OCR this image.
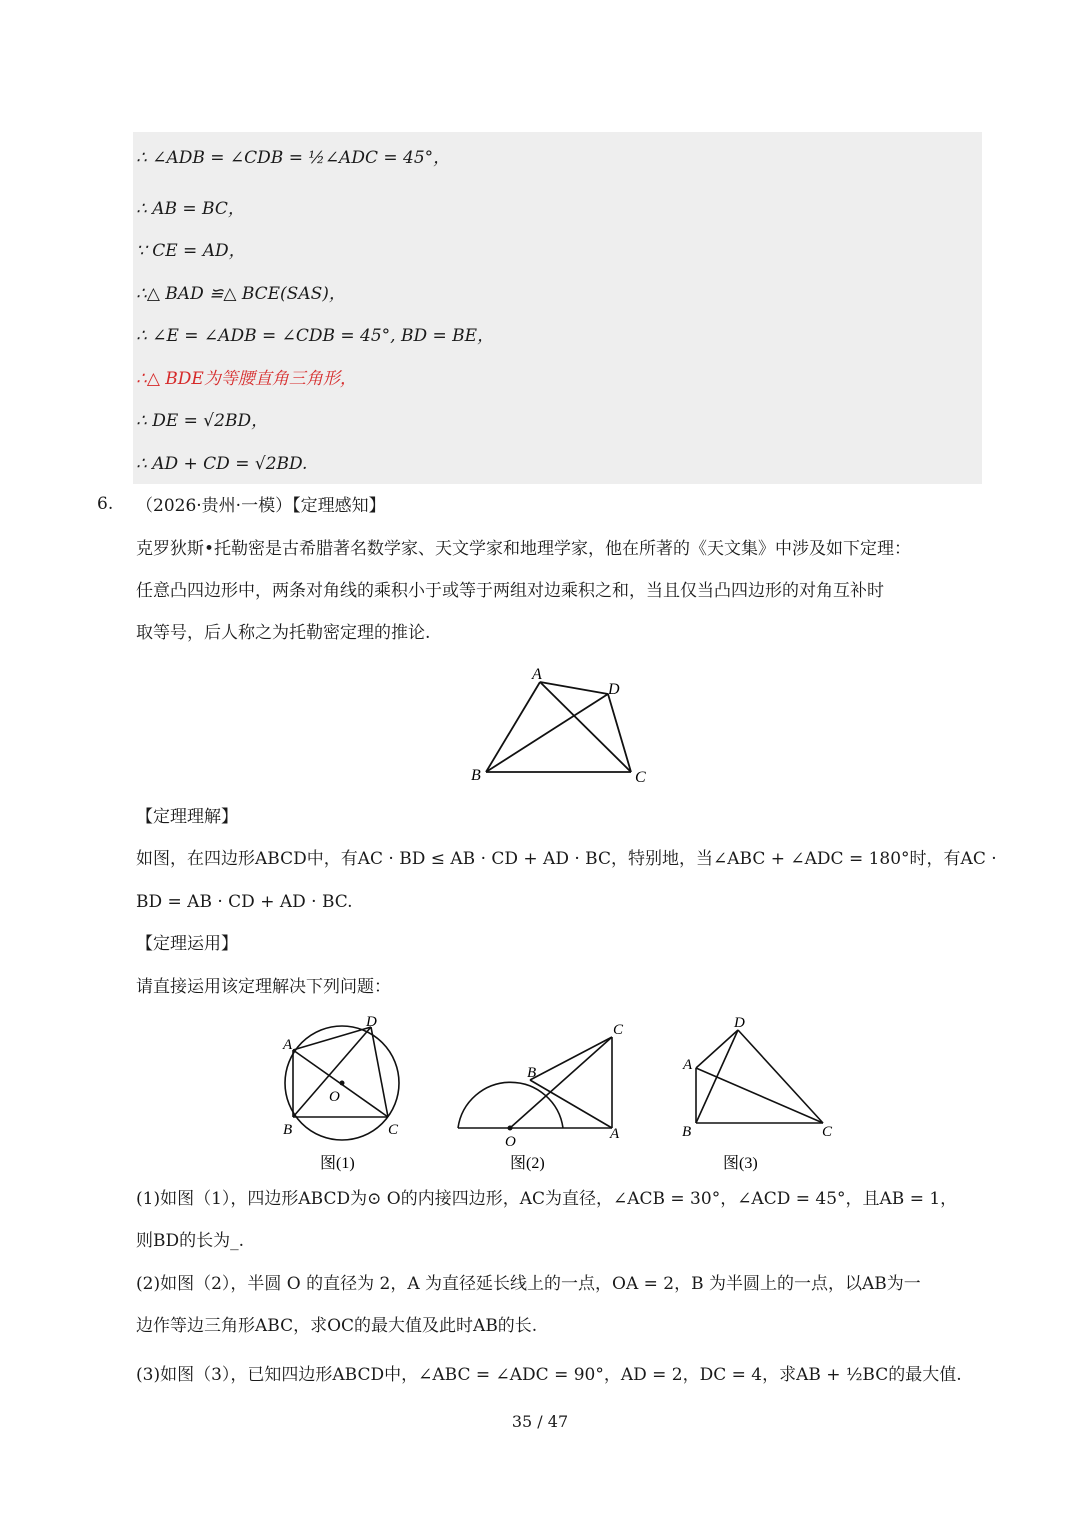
∴ ∠ADB = ∠CDB = ½∠ADC = 45°，
∴ AB = BC，
∵ CE = AD，
∴△ BAD ≌△ BCE(SAS)，
∴ ∠E = ∠ADB = ∠CDB = 45°, BD = BE，
∴△ BDE为等腰直角三角形，
∴ DE = √2BD，
∴ AD + CD = √2BD.
6. （2026·贵州·一模）【定理感知】
克罗狄斯•托勒密是古希腊著名数学家、天文学家和地理学家，他在所著的《天文集》中涉及如下定理：
任意凸四边形中，两条对角线的乘积小于或等于两组对边乘积之和，当且仅当凸四边形的对角互补时
取等号，后人称之为托勒密定理的推论.
A
D
B	C
【定理理解】
如图，在四边形ABCD中，有AC · BD ≤ AB · CD + AD · BC，特别地，当∠ABC + ∠ADC = 180°时，有AC ·
BD = AB · CD + AD · BC.
【定理运用】
请直接运用该定理解决下列问题：
A
D
O
B	C
图(1)
C
B
O	A
图(2)
D
A
B	C
图(3)
(1)如图（1），四边形ABCD为⊙ O的内接四边形，AC为直径，∠ACB = 30°，∠ACD = 45°，且AB = 1，
则BD的长为_.
(2)如图（2），半圆 O 的直径为 2，A 为直径延长线上的一点，OA = 2，B 为半圆上的一点，以AB为一
边作等边三角形ABC，求OC的最大值及此时AB的长.
(3)如图（3），已知四边形ABCD中，∠ABC = ∠ADC = 90°，AD = 2，DC = 4，求AB + ½BC的最大值.
35 / 47
